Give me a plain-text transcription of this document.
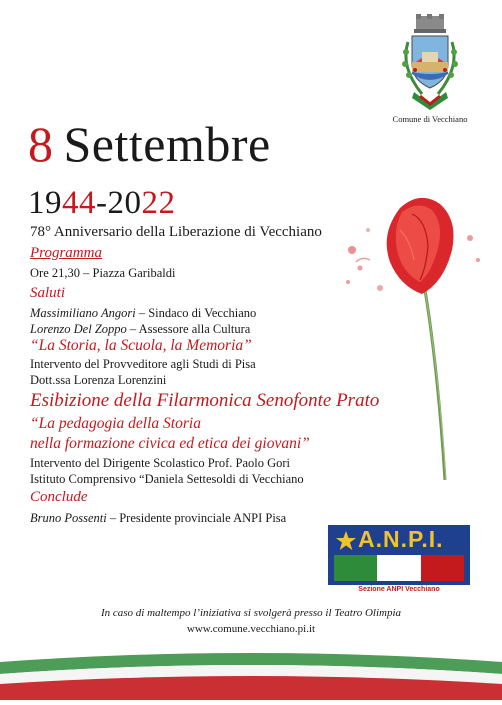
Comune di Vecchiano
8 Settembre
1944-2022
78° Anniversario della Liberazione di Vecchiano
Programma
Ore 21,30 – Piazza Garibaldi
Saluti
Massimiliano Angori – Sindaco di Vecchiano
Lorenzo Del Zoppo – Assessore alla Cultura
“La Storia, la Scuola, la Memoria”
Intervento del Provveditore agli Studi di Pisa
Dott.ssa Lorenza Lorenzini
Esibizione della Filarmonica Senofonte Prato
“La pedagogia della Storia
nella formazione civica ed etica dei giovani”
Intervento del Dirigente Scolastico Prof. Paolo Gori
Istituto Comprensivo “Daniela Settesoldi di Vecchiano
Conclude
Bruno Possenti – Presidente provinciale ANPI Pisa
A.N.P.I.
Sezione ANPI Vecchiano
In caso di maltempo l’iniziativa si svolgerà presso il Teatro Olimpia
www.comune.vecchiano.pi.it
